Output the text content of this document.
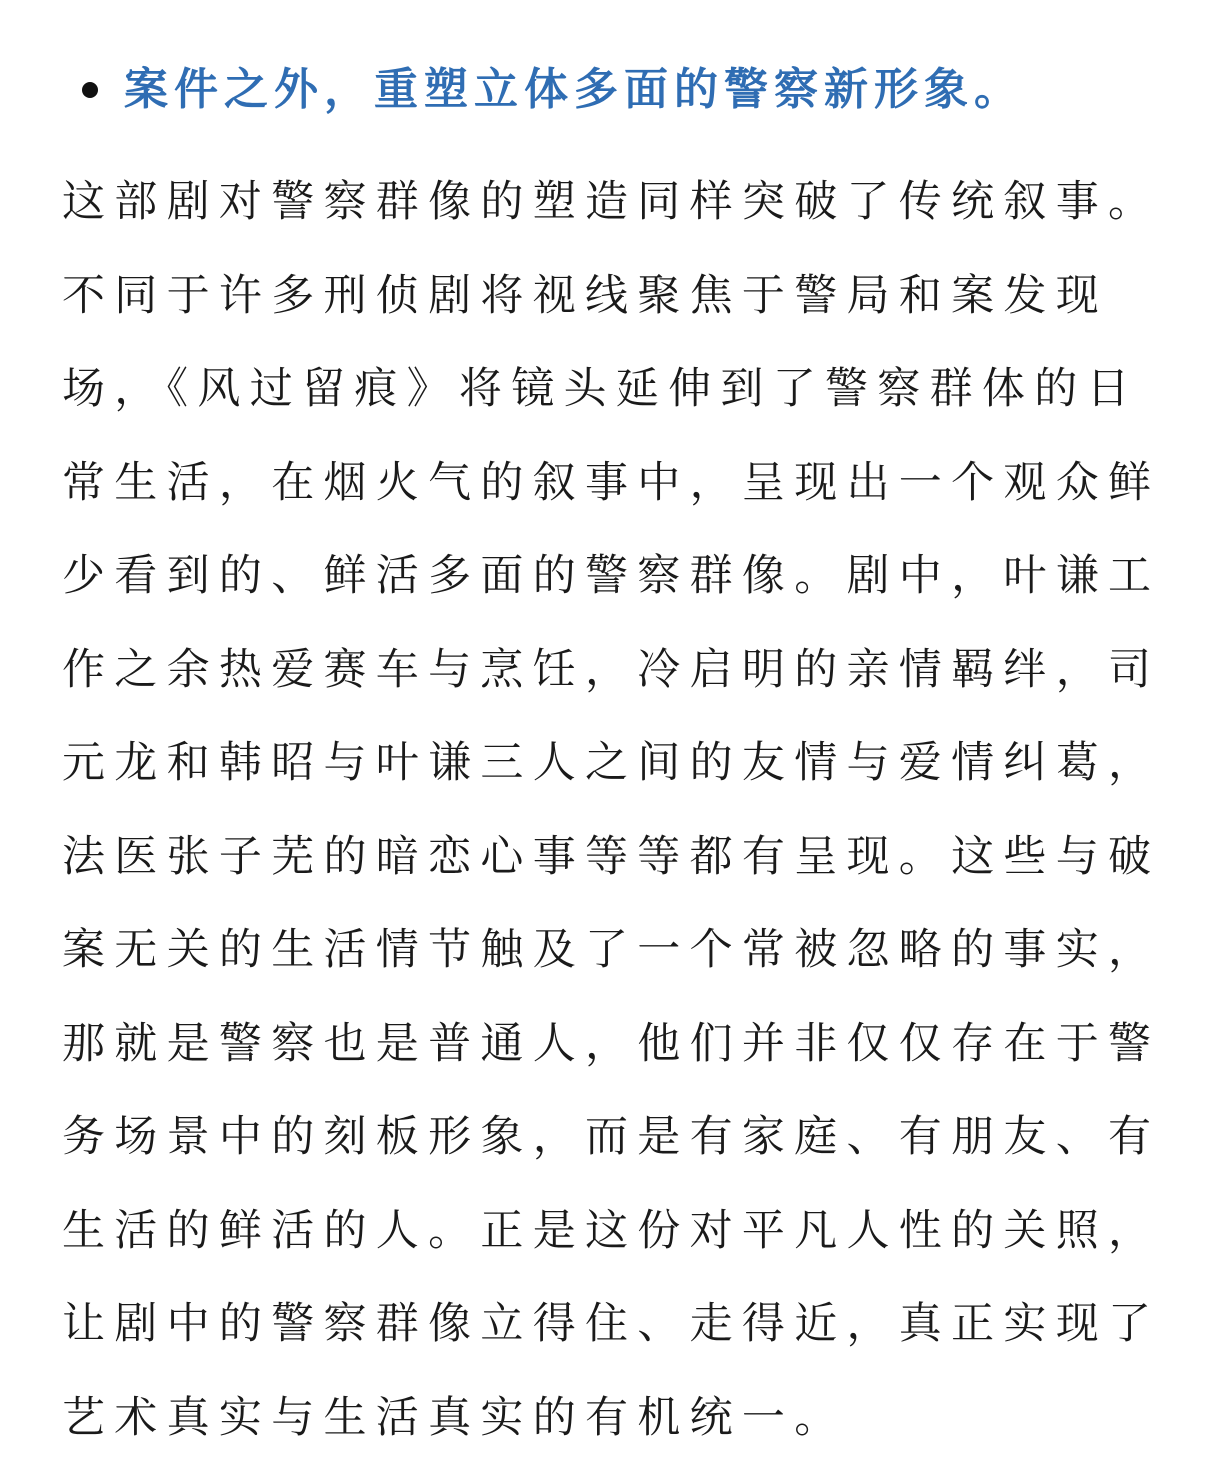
案件之外，重塑立体多面的警察新形象。
这部剧对警察群像的塑造同样突破了传统叙事。
不同于许多刑侦剧将视线聚焦于警局和案发现
场，《风过留痕》将镜头延伸到了警察群体的日
常生活，在烟火气的叙事中，呈现出一个观众鲜
少看到的、鲜活多面的警察群像。剧中，叶谦工
作之余热爱赛车与烹饪，冷启明的亲情羁绊，司
元龙和韩昭与叶谦三人之间的友情与爱情纠葛，
法医张子芜的暗恋心事等等都有呈现。这些与破
案无关的生活情节触及了一个常被忽略的事实，
那就是警察也是普通人，他们并非仅仅存在于警
务场景中的刻板形象，而是有家庭、有朋友、有
生活的鲜活的人。正是这份对平凡人性的关照，
让剧中的警察群像立得住、走得近，真正实现了
艺术真实与生活真实的有机统一。
